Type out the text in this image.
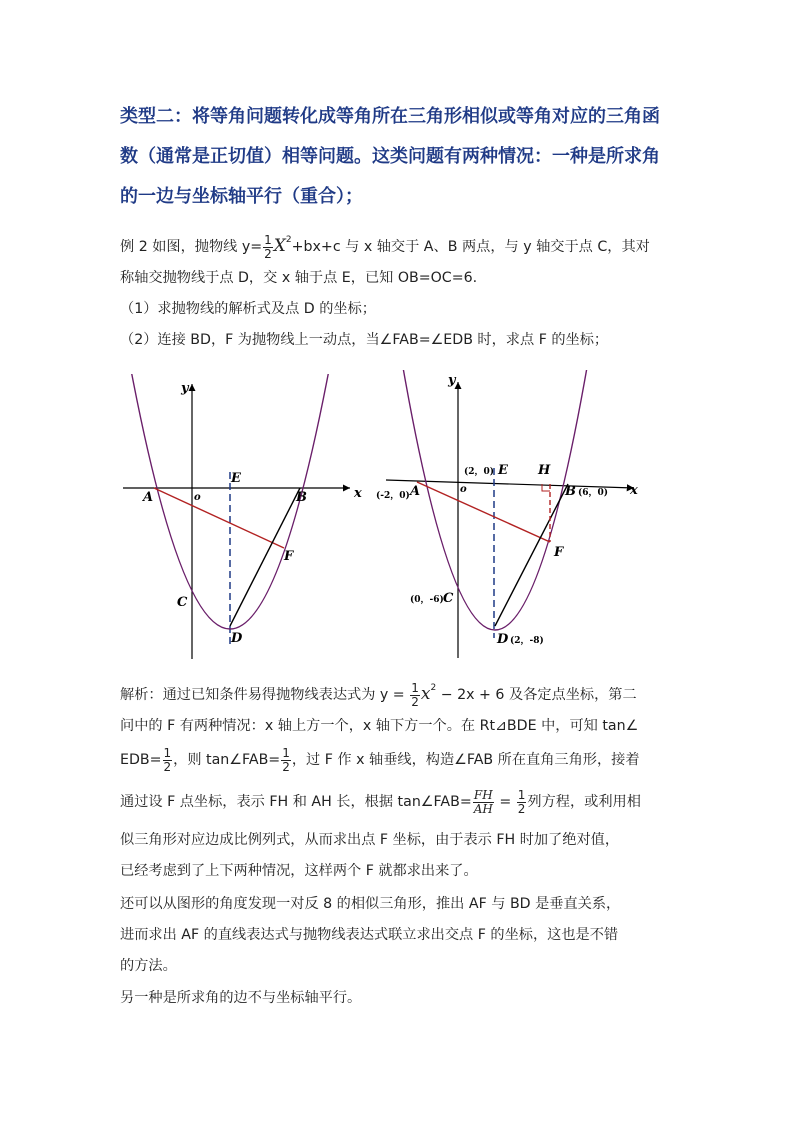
类型二：将等角问题转化成等角所在三角形相似或等角对应的三角函
数（通常是正切值）相等问题。这类问题有两种情况：一种是所求角
的一边与坐标轴平行（重合）；
例 2 如图，抛物线 $y= \frac{1}{2} X^2+bx+c$ 与 x 轴交于 A、B 两点，与 y 轴交于点 C，其对
称轴交抛物线于点 D，交 x 轴于点 E，已知 OB=OC=6.
（1）求抛物线的解析式及点 D 的坐标；
（2）连接 BD，F 为抛物线上一动点，当∠FAB=∠EDB 时，求点 F 的坐标；
y
x
o
A	B
C
D
E
F
y
x
o
A
(-2，0)	B (6，0)
C
(0，-6)
D (2，-8)
E
(2，0)	H
F
解析：通过已知条件易得抛物线表达式为 $y = \frac{1}{2} x^2 - 2x + 6$ 及各定点坐标，第二
问中的 F 有两种情况：x 轴上方一个，x 轴下方一个。在 Rt⊿BDE 中，可知 tan∠
$EDB= \frac{1}{2}$ ，则 tan∠FAB= $\frac{1}{2}$ ，过 F 作 x 轴垂线，构造∠FAB 所在直角三角形，接着
通过设 F 点坐标，表示 FH 和 AH 长，根据 tan∠FAB= $\frac{FH}{AH} = \frac{1}{2}$ 列方程，或利用相
似三角形对应边成比例列式，从而求出点 F 坐标，由于表示 FH 时加了绝对值，
已经考虑到了上下两种情况，这样两个 F 就都求出来了。
还可以从图形的角度发现一对反 8 的相似三角形，推出 AF 与 BD 是垂直关系，
进而求出 AF 的直线表达式与抛物线表达式联立求出交点 F 的坐标，这也是不错
的方法。
另一种是所求角的边不与坐标轴平行。
